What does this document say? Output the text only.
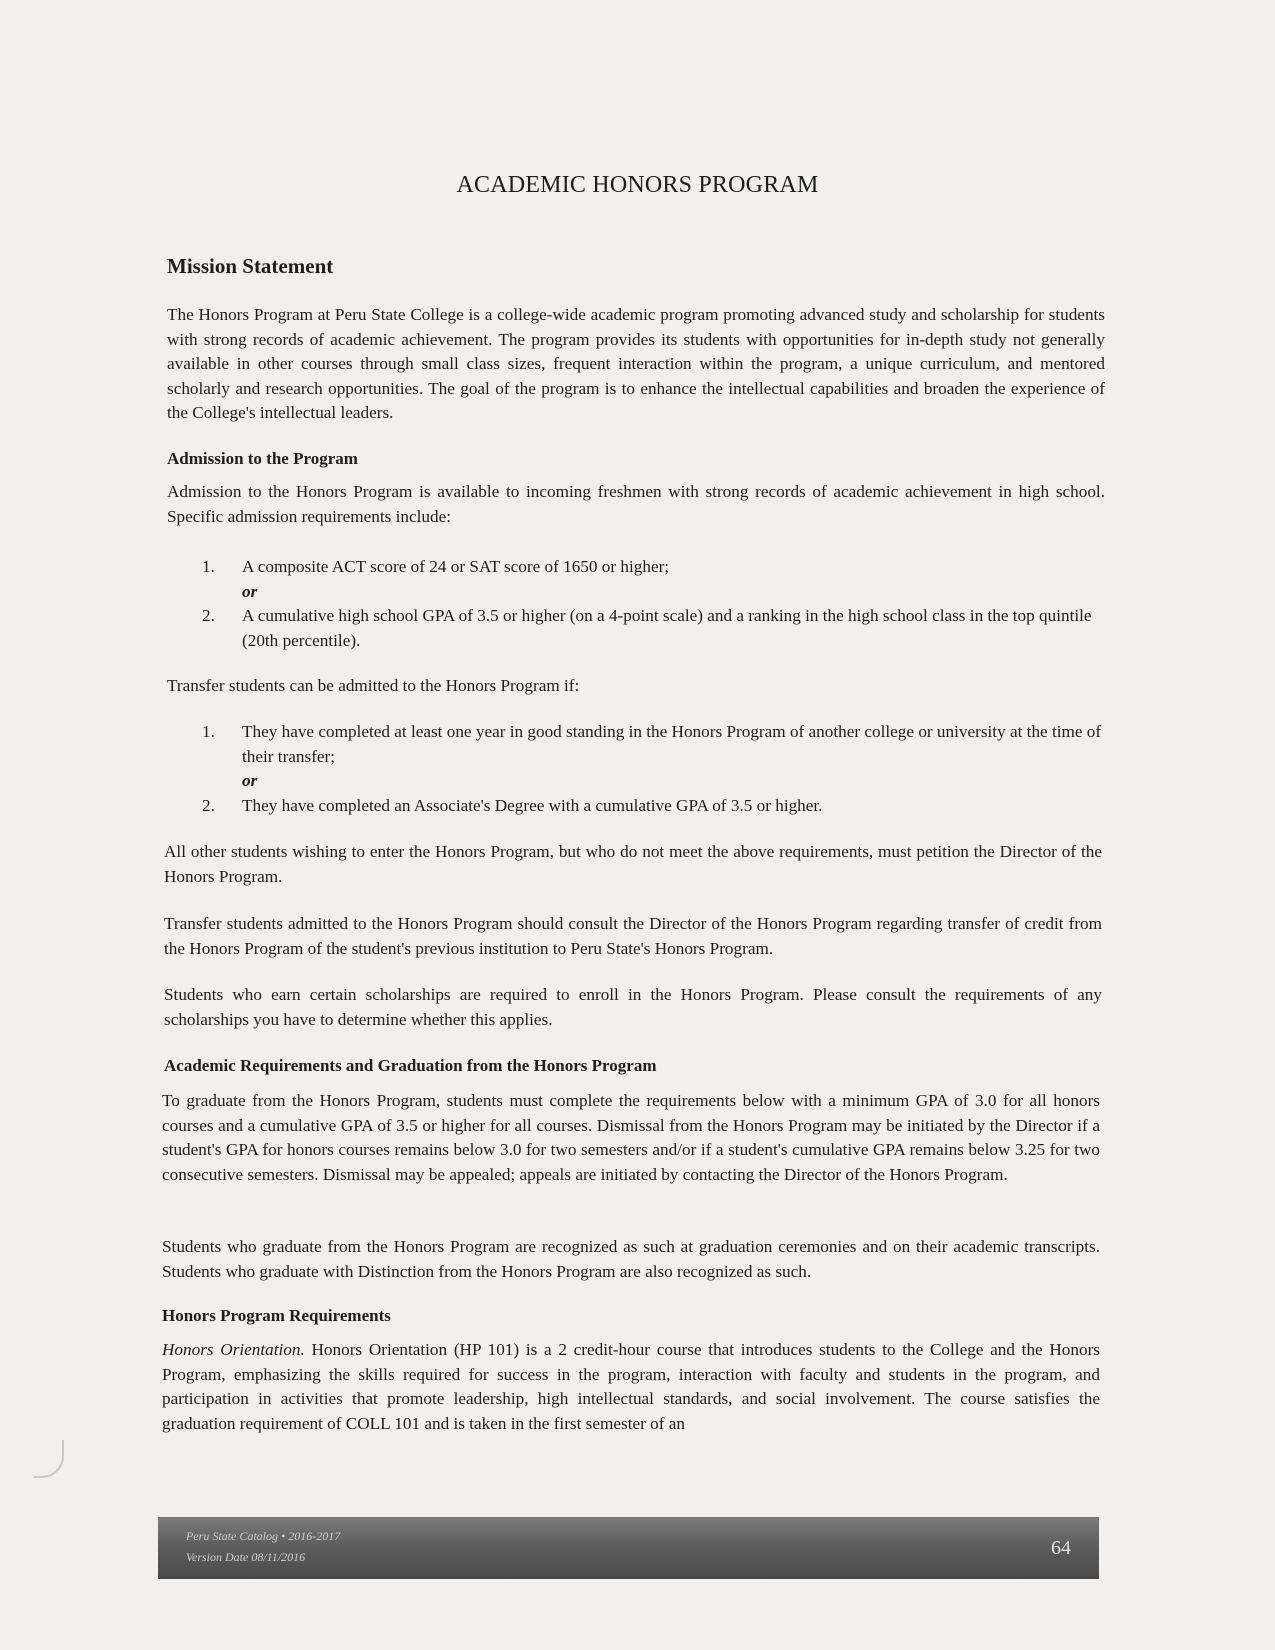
ACADEMIC HONORS PROGRAM
Mission Statement

The Honors Program at Peru State College is a college-wide academic program promoting advanced study and scholarship for students with strong records of academic achievement. The program provides its students with opportunities for in-depth study not generally available in other courses through small class sizes, frequent interaction within the program, a unique curriculum, and mentored scholarly and research opportunities. The goal of the program is to enhance the intellectual capabilities and broaden the experience of the College's intellectual leaders.

Admission to the Program

Admission to the Honors Program is available to incoming freshmen with strong records of academic achievement in high school. Specific admission requirements include:

1. A composite ACT score of 24 or SAT score of 1650 or higher;
or
2. A cumulative high school GPA of 3.5 or higher (on a 4-point scale) and a ranking in the high school class in the top quintile (20th percentile).

Transfer students can be admitted to the Honors Program if:

1. They have completed at least one year in good standing in the Honors Program of another college or university at the time of their transfer;
or
2. They have completed an Associate's Degree with a cumulative GPA of 3.5 or higher.

All other students wishing to enter the Honors Program, but who do not meet the above requirements, must petition the Director of the Honors Program.

Transfer students admitted to the Honors Program should consult the Director of the Honors Program regarding transfer of credit from the Honors Program of the student's previous institution to Peru State's Honors Program.

Students who earn certain scholarships are required to enroll in the Honors Program. Please consult the requirements of any scholarships you have to determine whether this applies.

Academic Requirements and Graduation from the Honors Program

To graduate from the Honors Program, students must complete the requirements below with a minimum GPA of 3.0 for all honors courses and a cumulative GPA of 3.5 or higher for all courses. Dismissal from the Honors Program may be initiated by the Director if a student's GPA for honors courses remains below 3.0 for two semesters and/or if a student's cumulative GPA remains below 3.25 for two consecutive semesters. Dismissal may be appealed; appeals are initiated by contacting the Director of the Honors Program.

Students who graduate from the Honors Program are recognized as such at graduation ceremonies and on their academic transcripts. Students who graduate with Distinction from the Honors Program are also recognized as such.

Honors Program Requirements

Honors Orientation. Honors Orientation (HP 101) is a 2 credit-hour course that introduces students to the College and the Honors Program, emphasizing the skills required for success in the program, interaction with faculty and students in the program, and participation in activities that promote leadership, high intellectual standards, and social involvement. The course satisfies the graduation requirement of COLL 101 and is taken in the first semester of an

Peru State Catalog • 2016-2017
Version Date 08/11/2016	64
